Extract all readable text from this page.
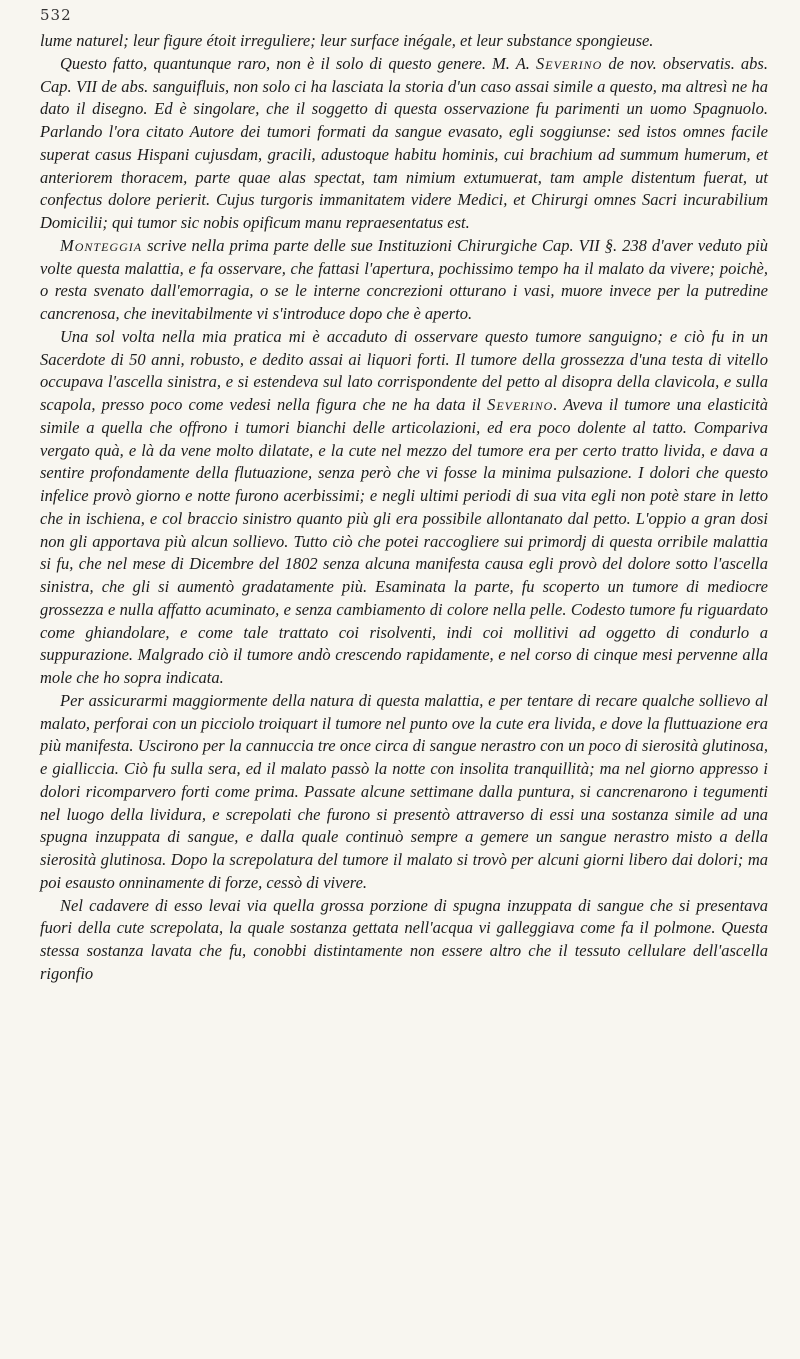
532

lume naturel; leur figure étoit irreguliere; leur surface inégale, et leur substance spongieuse.

Questo fatto, quantunque raro, non è il solo di questo genere. M. A. Severino de nov. observatis. abs. Cap. VII de abs. sanguifluis, non solo ci ha lasciata la storia d'un caso assai simile a questo, ma altresì ne ha dato il disegno. Ed è singolare, che il soggetto di questa osservazione fu parimenti un uomo Spagnuolo. Parlando l'ora citato Autore dei tumori formati da sangue evasato, egli soggiunse: sed istos omnes facile superat casus Hispani cujusdam, gracili, adustoque habitu hominis, cui brachium ad summum humerum, et anteriorem thoracem, parte quae alas spectat, tam nimium extumuerat, tam ample distentum fuerat, ut confectus dolore perierit. Cujus turgoris immanitatem videre Medici, et Chirurgi omnes Sacri incurabilium Domicilii; qui tumor sic nobis opificum manu repraesentatus est.

Monteggia scrive nella prima parte delle sue Instituzioni Chirurgiche Cap. VII §. 238 d'aver veduto più volte questa malattia, e fa osservare, che fattasi l'apertura, pochissimo tempo ha il malato da vivere; poichè, o resta svenato dall'emorragia, o se le interne concrezioni otturano i vasi, muore invece per la putredine cancrenosa, che inevitabilmente vi s'introduce dopo che è aperto.

Una sol volta nella mia pratica mi è accaduto di osservare questo tumore sanguigno; e ciò fu in un Sacerdote di 50 anni, robusto, e dedito assai ai liquori forti. Il tumore della grossezza d'una testa di vitello occupava l'ascella sinistra, e si estendeva sul lato corrispondente del petto al disopra della clavicola, e sulla scapola, presso poco come vedesi nella figura che ne ha data il Severino. Aveva il tumore una elasticità simile a quella che offrono i tumori bianchi delle articolazioni, ed era poco dolente al tatto. Compariva vergato quà, e là da vene molto dilatate, e la cute nel mezzo del tumore era per certo tratto livida, e dava a sentire profondamente della flutuazione, senza però che vi fosse la minima pulsazione. I dolori che questo infelice provò giorno e notte furono acerbissimi; e negli ultimi periodi di sua vita egli non potè stare in letto che in ischiena, e col braccio sinistro quanto più gli era possibile allontanato dal petto. L'oppio a gran dosi non gli apportava più alcun sollievo. Tutto ciò che potei raccogliere sui primordj di questa orribile malattia si fu, che nel mese di Dicembre del 1802 senza alcuna manifesta causa egli provò del dolore sotto l'ascella sinistra, che gli si aumentò gradatamente più. Esaminata la parte, fu scoperto un tumore di mediocre grossezza e nulla affatto acuminato, e senza cambiamento di colore nella pelle. Codesto tumore fu riguardato come ghiandolare, e come tale trattato coi risolventi, indi coi mollitivi ad oggetto di condurlo a suppurazione. Malgrado ciò il tumore andò crescendo rapidamente, e nel corso di cinque mesi pervenne alla mole che ho sopra indicata.

Per assicurarmi maggiormente della natura di questa malattia, e per tentare di recare qualche sollievo al malato, perforai con un picciolo troiquart il tumore nel punto ove la cute era livida, e dove la fluttuazione era più manifesta. Uscirono per la cannuccia tre once circa di sangue nerastro con un poco di sierosità glutinosa, e gialliccia. Ciò fu sulla sera, ed il malato passò la notte con insolita tranquillità; ma nel giorno appresso i dolori ricomparvero forti come prima. Passate alcune settimane dalla puntura, si cancrenarono i tegumenti nel luogo della lividura, e screpolati che furono si presentò attraverso di essi una sostanza simile ad una spugna inzuppata di sangue, e dalla quale continuò sempre a gemere un sangue nerastro misto a della sierosità glutinosa. Dopo la screpolatura del tumore il malato si trovò per alcuni giorni libero dai dolori; ma poi esausto onninamente di forze, cessò di vivere.

Nel cadavere di esso levai via quella grossa porzione di spugna inzuppata di sangue che si presentava fuori della cute screpolata, la quale sostanza gettata nell'acqua vi galleggiava come fa il polmone. Questa stessa sostanza lavata che fu, conobbi distintamente non essere altro che il tessuto cellulare dell'ascella rigonfio
